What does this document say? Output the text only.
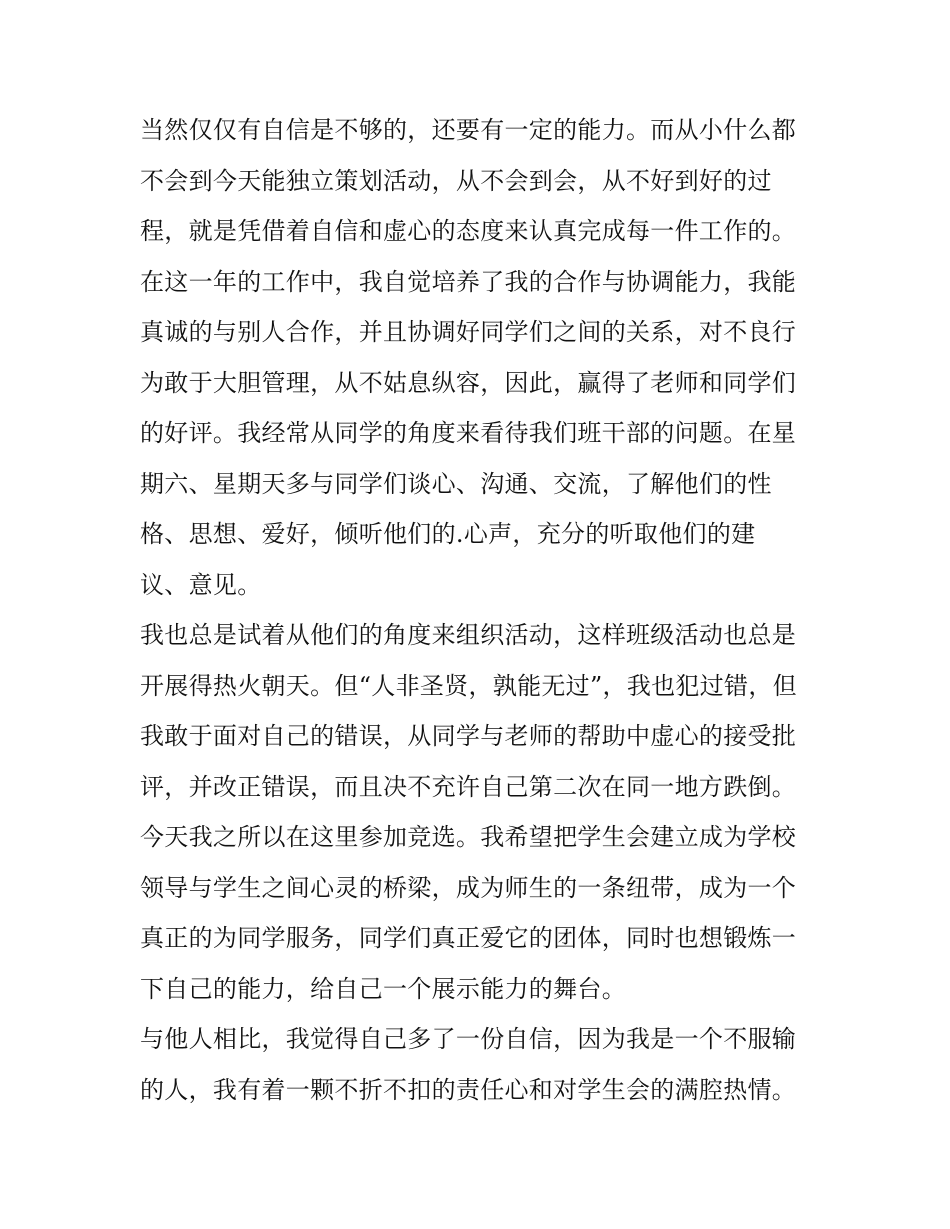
当然仅仅有自信是不够的，还要有一定的能力。而从小什么都
不会到今天能独立策划活动，从不会到会，从不好到好的过
程，就是凭借着自信和虚心的态度来认真完成每一件工作的。
在这一年的工作中，我自觉培养了我的合作与协调能力，我能
真诚的与别人合作，并且协调好同学们之间的关系，对不良行
为敢于大胆管理，从不姑息纵容，因此，赢得了老师和同学们
的好评。我经常从同学的角度来看待我们班干部的问题。在星
期六、星期天多与同学们谈心、沟通、交流，了解他们的性
格、思想、爱好，倾听他们的.心声，充分的听取他们的建
议、意见。
我也总是试着从他们的角度来组织活动，这样班级活动也总是
开展得热火朝天。但“人非圣贤，孰能无过”，我也犯过错，但
我敢于面对自己的错误，从同学与老师的帮助中虚心的接受批
评，并改正错误，而且决不充许自己第二次在同一地方跌倒。
今天我之所以在这里参加竞选。我希望把学生会建立成为学校
领导与学生之间心灵的桥梁，成为师生的一条纽带，成为一个
真正的为同学服务，同学们真正爱它的团体，同时也想锻炼一
下自己的能力，给自己一个展示能力的舞台。
与他人相比，我觉得自己多了一份自信，因为我是一个不服输
的人，我有着一颗不折不扣的责任心和对学生会的满腔热情。
